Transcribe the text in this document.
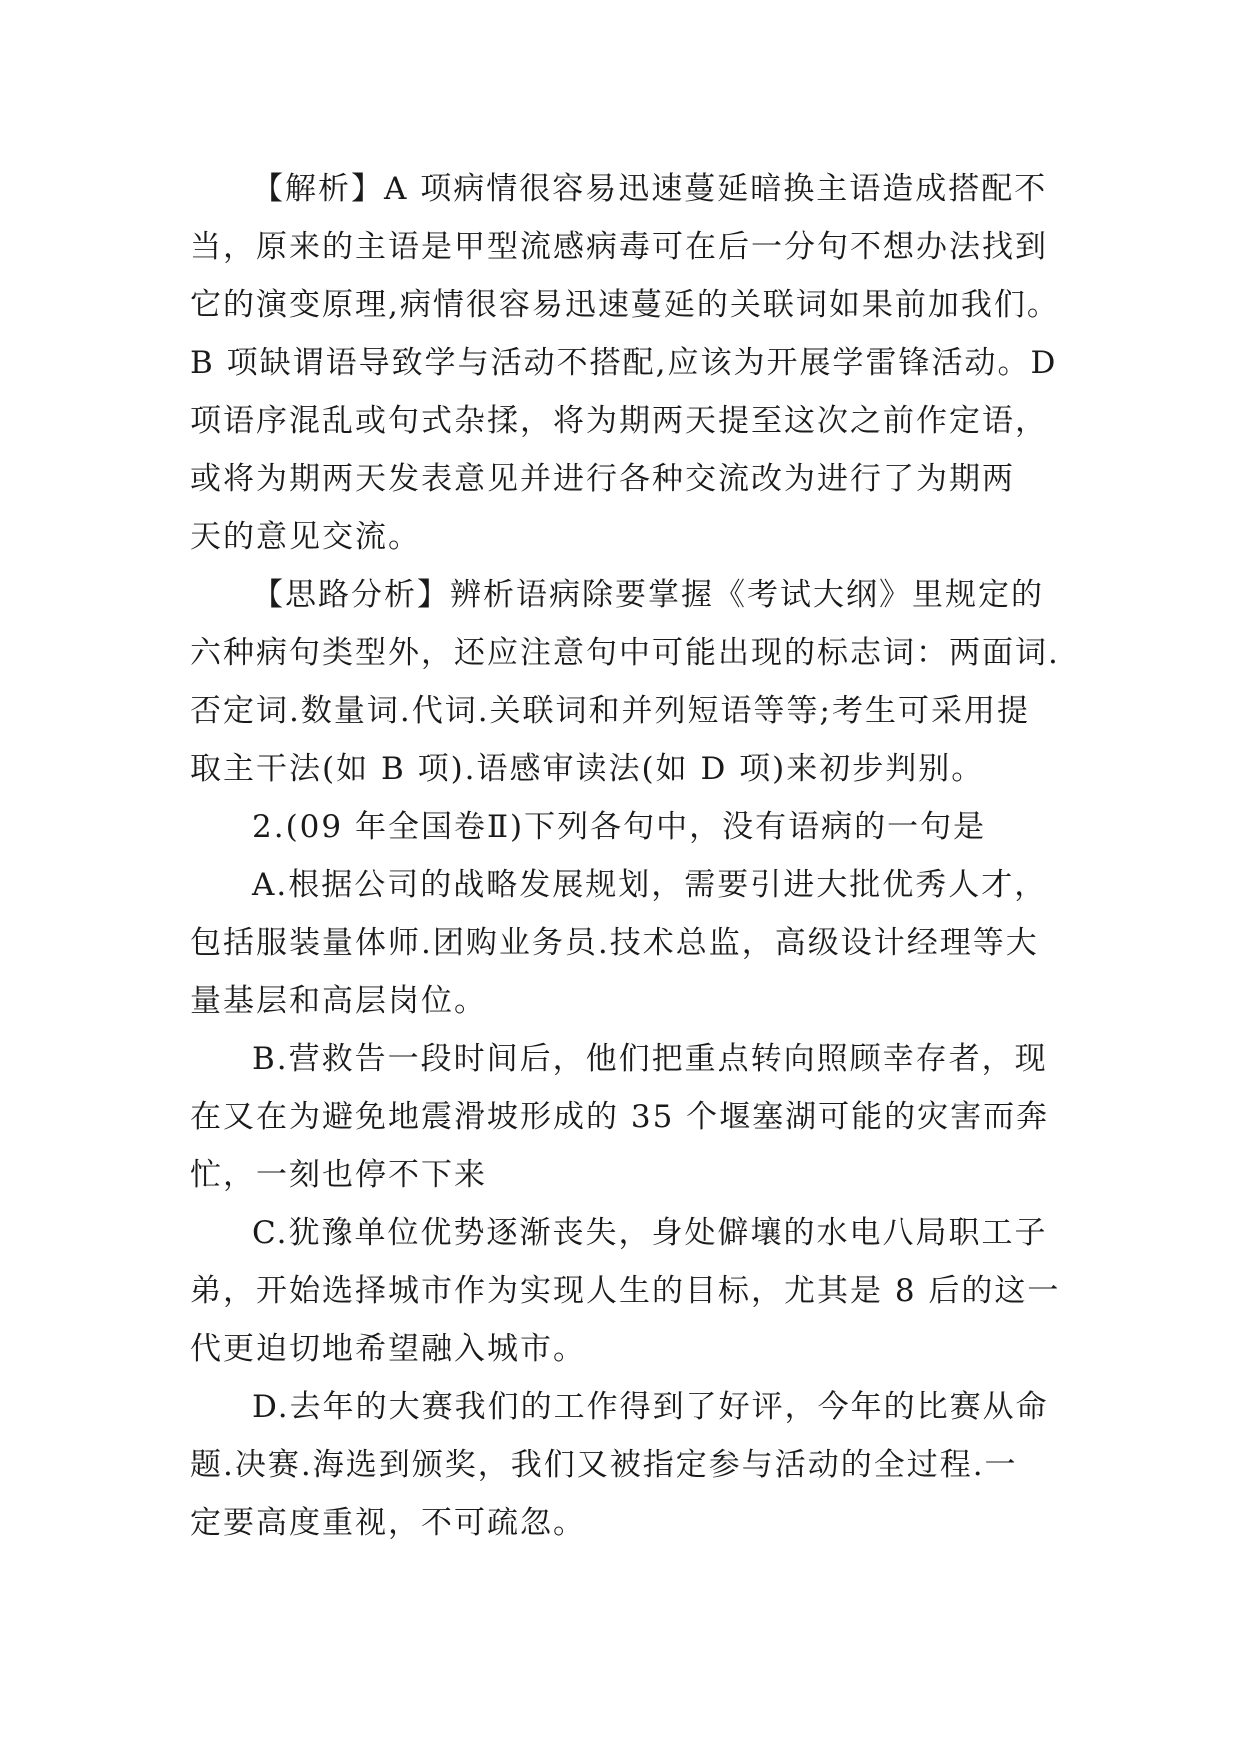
【解析】A 项病情很容易迅速蔓延暗换主语造成搭配不
当，原来的主语是甲型流感病毒可在后一分句不想办法找到
它的演变原理,病情很容易迅速蔓延的关联词如果前加我们。
B 项缺谓语导致学与活动不搭配,应该为开展学雷锋活动。D
项语序混乱或句式杂揉，将为期两天提至这次之前作定语，
或将为期两天发表意见并进行各种交流改为进行了为期两
天的意见交流。
【思路分析】辨析语病除要掌握《考试大纲》里规定的
六种病句类型外，还应注意句中可能出现的标志词：两面词.
否定词.数量词.代词.关联词和并列短语等等;考生可采用提
取主干法(如 B 项).语感审读法(如 D 项)来初步判别。
2.(09 年全国卷Ⅱ)下列各句中，没有语病的一句是
A.根据公司的战略发展规划，需要引进大批优秀人才，
包括服装量体师.团购业务员.技术总监，高级设计经理等大
量基层和高层岗位。
B.营救告一段时间后，他们把重点转向照顾幸存者，现
在又在为避免地震滑坡形成的 35 个堰塞湖可能的灾害而奔
忙，一刻也停不下来
C.犹豫单位优势逐渐丧失，身处僻壤的水电八局职工子
弟，开始选择城市作为实现人生的目标，尤其是 8 后的这一
代更迫切地希望融入城市。
D.去年的大赛我们的工作得到了好评，今年的比赛从命
题.决赛.海选到颁奖，我们又被指定参与活动的全过程.一
定要高度重视，不可疏忽。
